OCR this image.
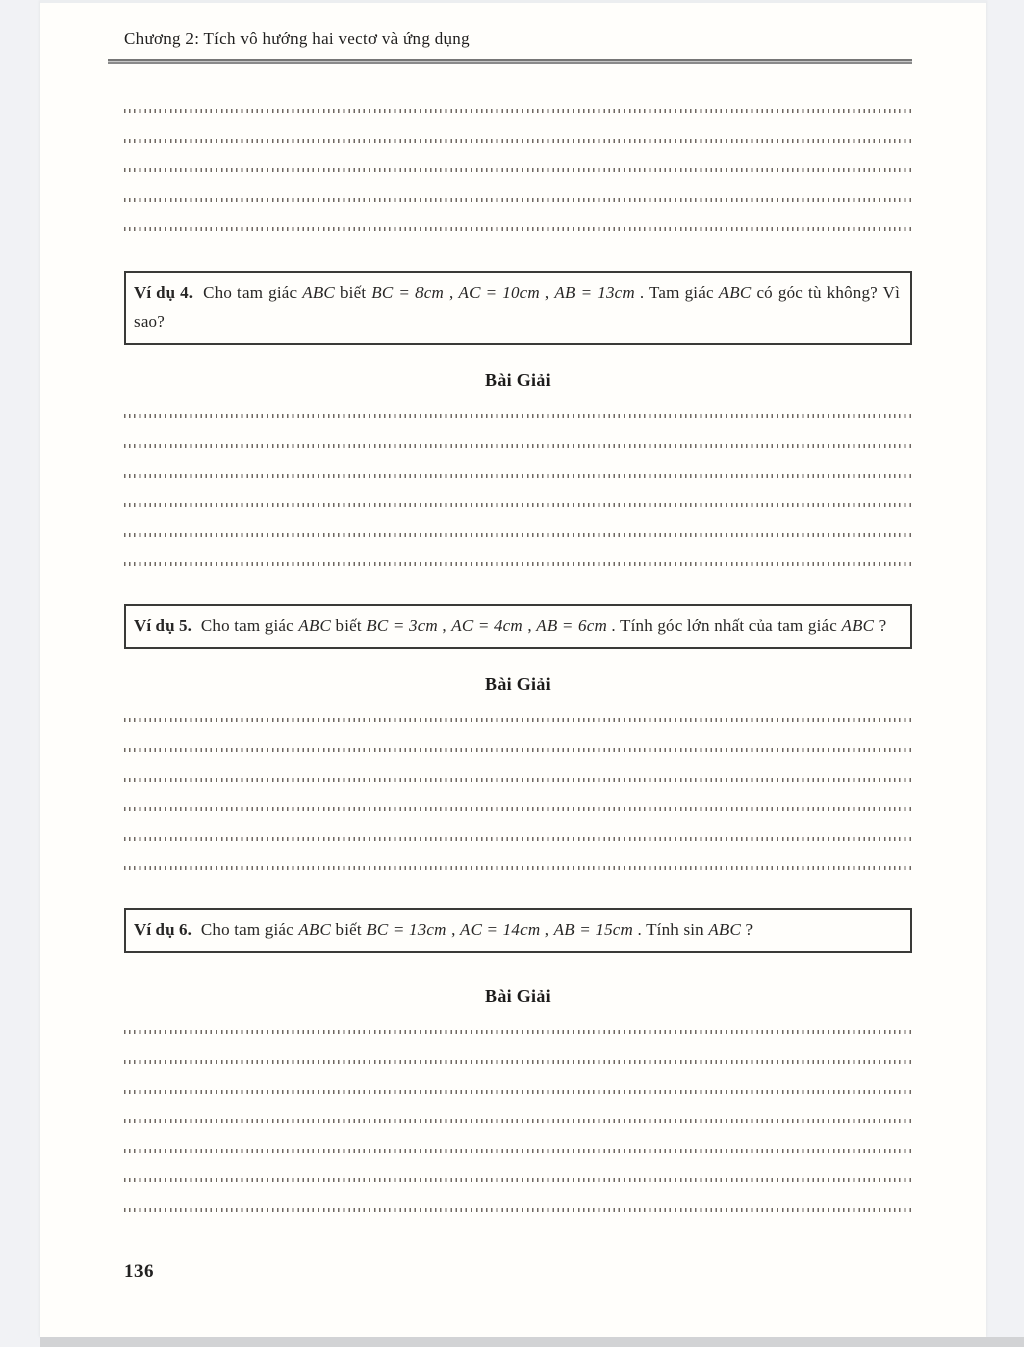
Chương 2: Tích vô hướng hai vectơ và ứng dụng

Ví dụ 4. Cho tam giác ABC biết BC = 8cm , AC = 10cm , AB = 13cm . Tam giác ABC có góc tù không? Vì sao?

Bài Giải

Ví dụ 5. Cho tam giác ABC biết BC = 3cm , AC = 4cm , AB = 6cm . Tính góc lớn nhất của tam giác ABC ?

Bài Giải

Ví dụ 6. Cho tam giác ABC biết BC = 13cm , AC = 14cm , AB = 15cm . Tính sin ABC ?

Bài Giải
136
